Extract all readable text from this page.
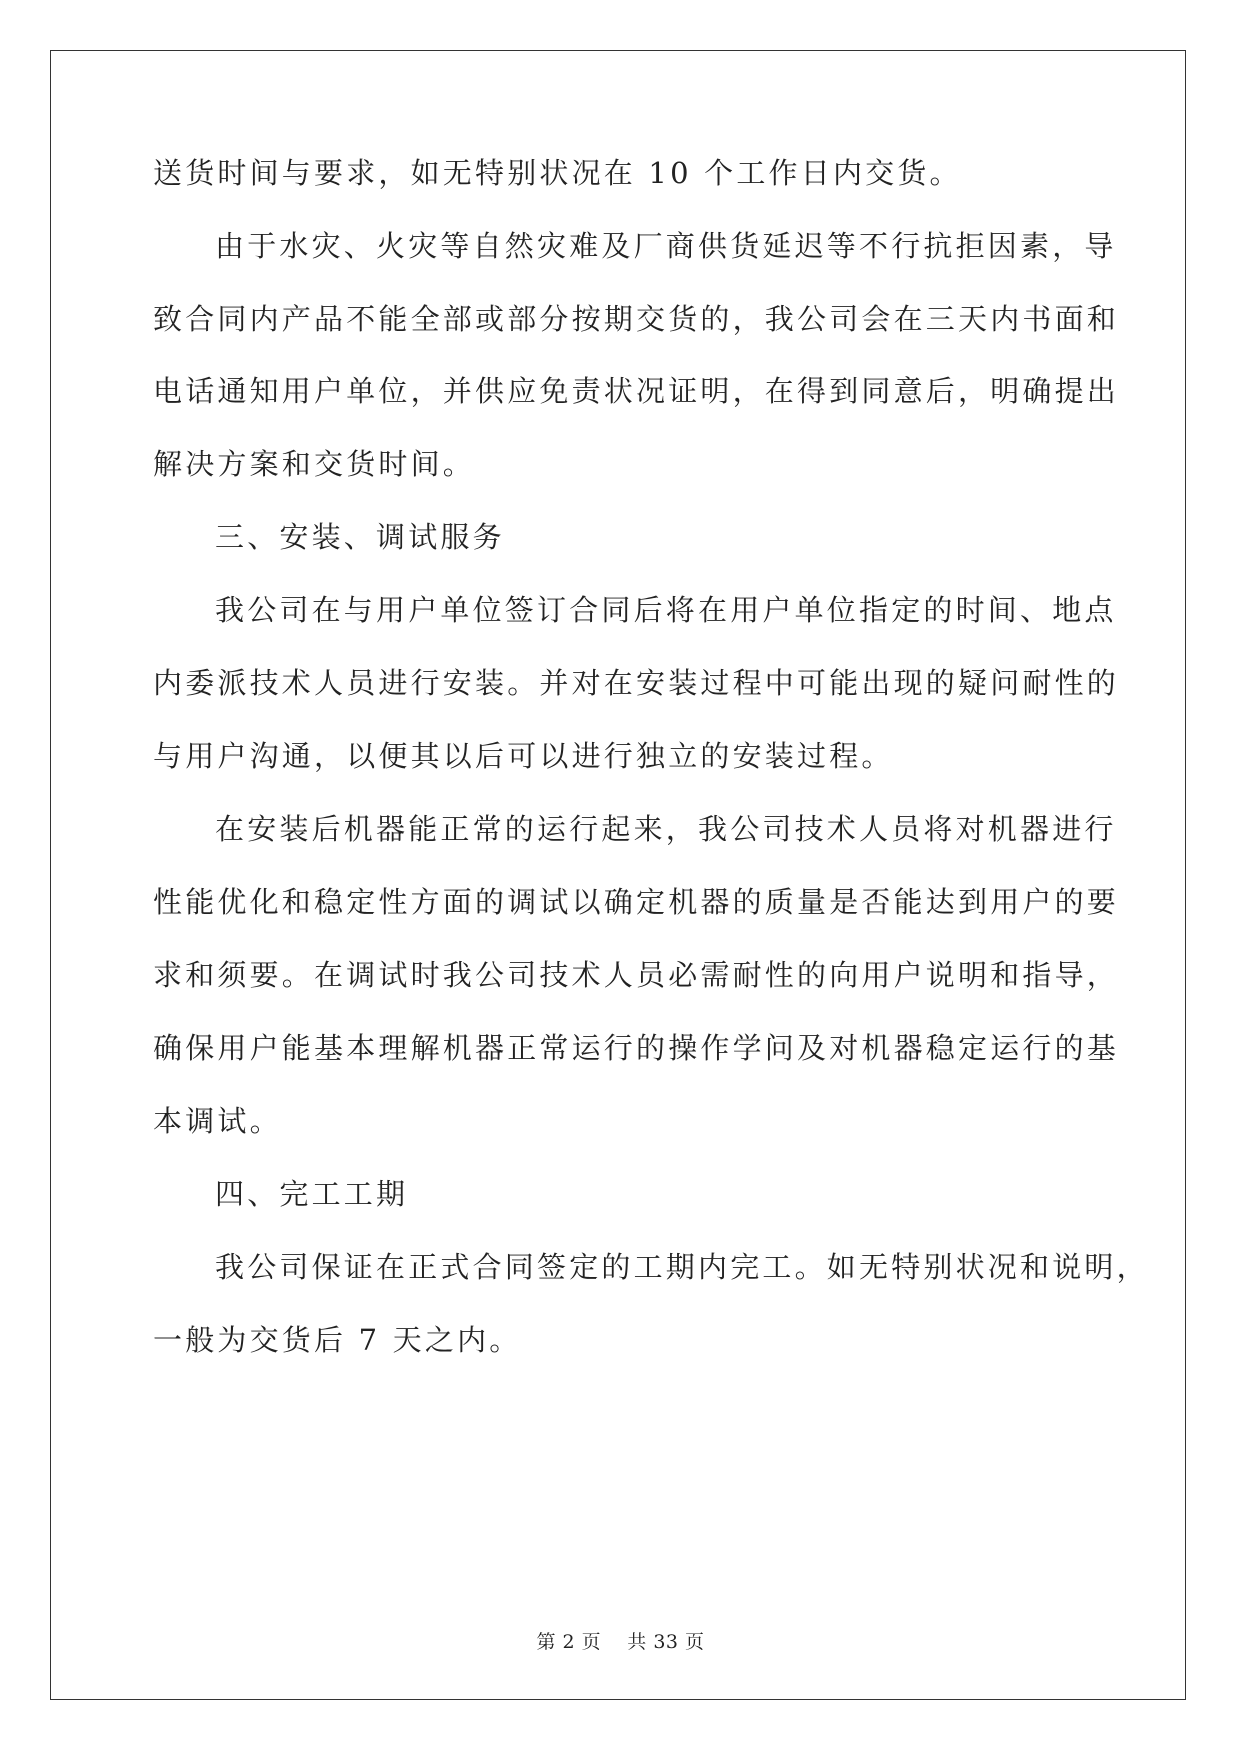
送货时间与要求，如无特别状况在 10 个工作日内交货。
由于水灾、火灾等自然灾难及厂商供货延迟等不行抗拒因素，导
致合同内产品不能全部或部分按期交货的，我公司会在三天内书面和
电话通知用户单位，并供应免责状况证明，在得到同意后，明确提出
解决方案和交货时间。
三、安装、调试服务
我公司在与用户单位签订合同后将在用户单位指定的时间、地点
内委派技术人员进行安装。并对在安装过程中可能出现的疑问耐性的
与用户沟通，以便其以后可以进行独立的安装过程。
在安装后机器能正常的运行起来，我公司技术人员将对机器进行
性能优化和稳定性方面的调试以确定机器的质量是否能达到用户的要
求和须要。在调试时我公司技术人员必需耐性的向用户说明和指导，
确保用户能基本理解机器正常运行的操作学问及对机器稳定运行的基
本调试。
四、完工工期
我公司保证在正式合同签定的工期内完工。如无特别状况和说明，
一般为交货后 7 天之内。
第 2 页    共 33 页
